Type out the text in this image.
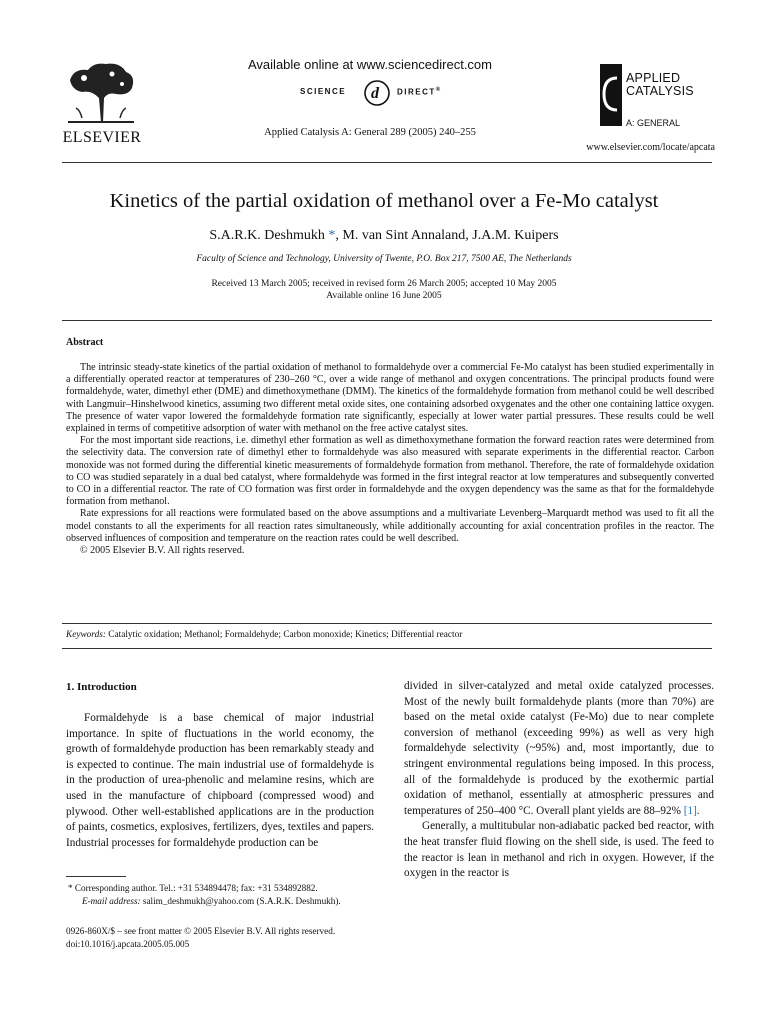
ELSEVIER
Available online at www.sciencedirect.com
SCIENCE d DIRECT®
Applied Catalysis A: General 289 (2005) 240–255
APPLIED
CATALYSIS
A: GENERAL
www.elsevier.com/locate/apcata
Kinetics of the partial oxidation of methanol over a Fe-Mo catalyst
S.A.R.K. Deshmukh *, M. van Sint Annaland, J.A.M. Kuipers
Faculty of Science and Technology, University of Twente, P.O. Box 217, 7500 AE, The Netherlands
Received 13 March 2005; received in revised form 26 March 2005; accepted 10 May 2005
Available online 16 June 2005
Abstract

The intrinsic steady-state kinetics of the partial oxidation of methanol to formaldehyde over a commercial Fe-Mo catalyst has been studied experimentally in a differentially operated reactor at temperatures of 230–260 °C, over a wide range of methanol and oxygen concentrations. The principal products found were formaldehyde, water, dimethyl ether (DME) and dimethoxymethane (DMM). The kinetics of the formaldehyde formation from methanol could be well described with Langmuir–Hinshelwood kinetics, assuming two different metal oxide sites, one containing adsorbed oxygenates and the other one containing lattice oxygen. The presence of water vapor lowered the formaldehyde formation rate significantly, especially at lower water partial pressures. These results could be well explained in terms of competitive adsorption of water with methanol on the free active catalyst sites.

For the most important side reactions, i.e. dimethyl ether formation as well as dimethoxymethane formation the forward reaction rates were determined from the selectivity data. The conversion rate of dimethyl ether to formaldehyde was also measured with separate experiments in the differential reactor. Carbon monoxide was not formed during the differential kinetic measurements of formaldehyde formation from methanol. Therefore, the rate of formaldehyde oxidation to CO was studied separately in a dual bed catalyst, where formaldehyde was formed in the first integral reactor at low temperatures and subsequently converted to CO in a differential reactor. The rate of CO formation was first order in formaldehyde and the oxygen dependency was the same as that for the formaldehyde formation from methanol.

Rate expressions for all reactions were formulated based on the above assumptions and a multivariate Levenberg–Marquardt method was used to fit all the model constants to all the experiments for all reaction rates simultaneously, while additionally accounting for axial concentration profiles in the reactor. The observed influences of composition and temperature on the reaction rates could be well described.

© 2005 Elsevier B.V. All rights reserved.

Keywords: Catalytic oxidation; Methanol; Formaldehyde; Carbon monoxide; Kinetics; Differential reactor
1. Introduction

Formaldehyde is a base chemical of major industrial importance. In spite of fluctuations in the world economy, the growth of formaldehyde production has been remarkably steady and is expected to continue. The main industrial use of formaldehyde is in the production of urea-phenolic and melamine resins, which are used in the manufacture of chipboard (compressed wood) and plywood. Other well-established applications are in the production of paints, cosmetics, explosives, fertilizers, dyes, textiles and papers. Industrial processes for formaldehyde production can be

divided in silver-catalyzed and metal oxide catalyzed processes. Most of the newly built formaldehyde plants (more than 70%) are based on the metal oxide catalyst (Fe-Mo) due to near complete conversion of methanol (exceeding 99%) as well as very high formaldehyde selectivity (~95%) and, most importantly, due to stringent environmental regulations being imposed. In this process, all of the formaldehyde is produced by the exothermic partial oxidation of methanol, essentially at atmospheric pressures and temperatures of 250–400 °C. Overall plant yields are 88–92% [1].

Generally, a multitubular non-adiabatic packed bed reactor, with the heat transfer fluid flowing on the shell side, is used. The feed to the reactor is lean in methanol and rich in oxygen. However, if the oxygen in the reactor is

* Corresponding author. Tel.: +31 534894478; fax: +31 534892882.
E-mail address: salim_deshmukh@yahoo.com (S.A.R.K. Deshmukh).
0926-860X/$ – see front matter © 2005 Elsevier B.V. All rights reserved.
doi:10.1016/j.apcata.2005.05.005
